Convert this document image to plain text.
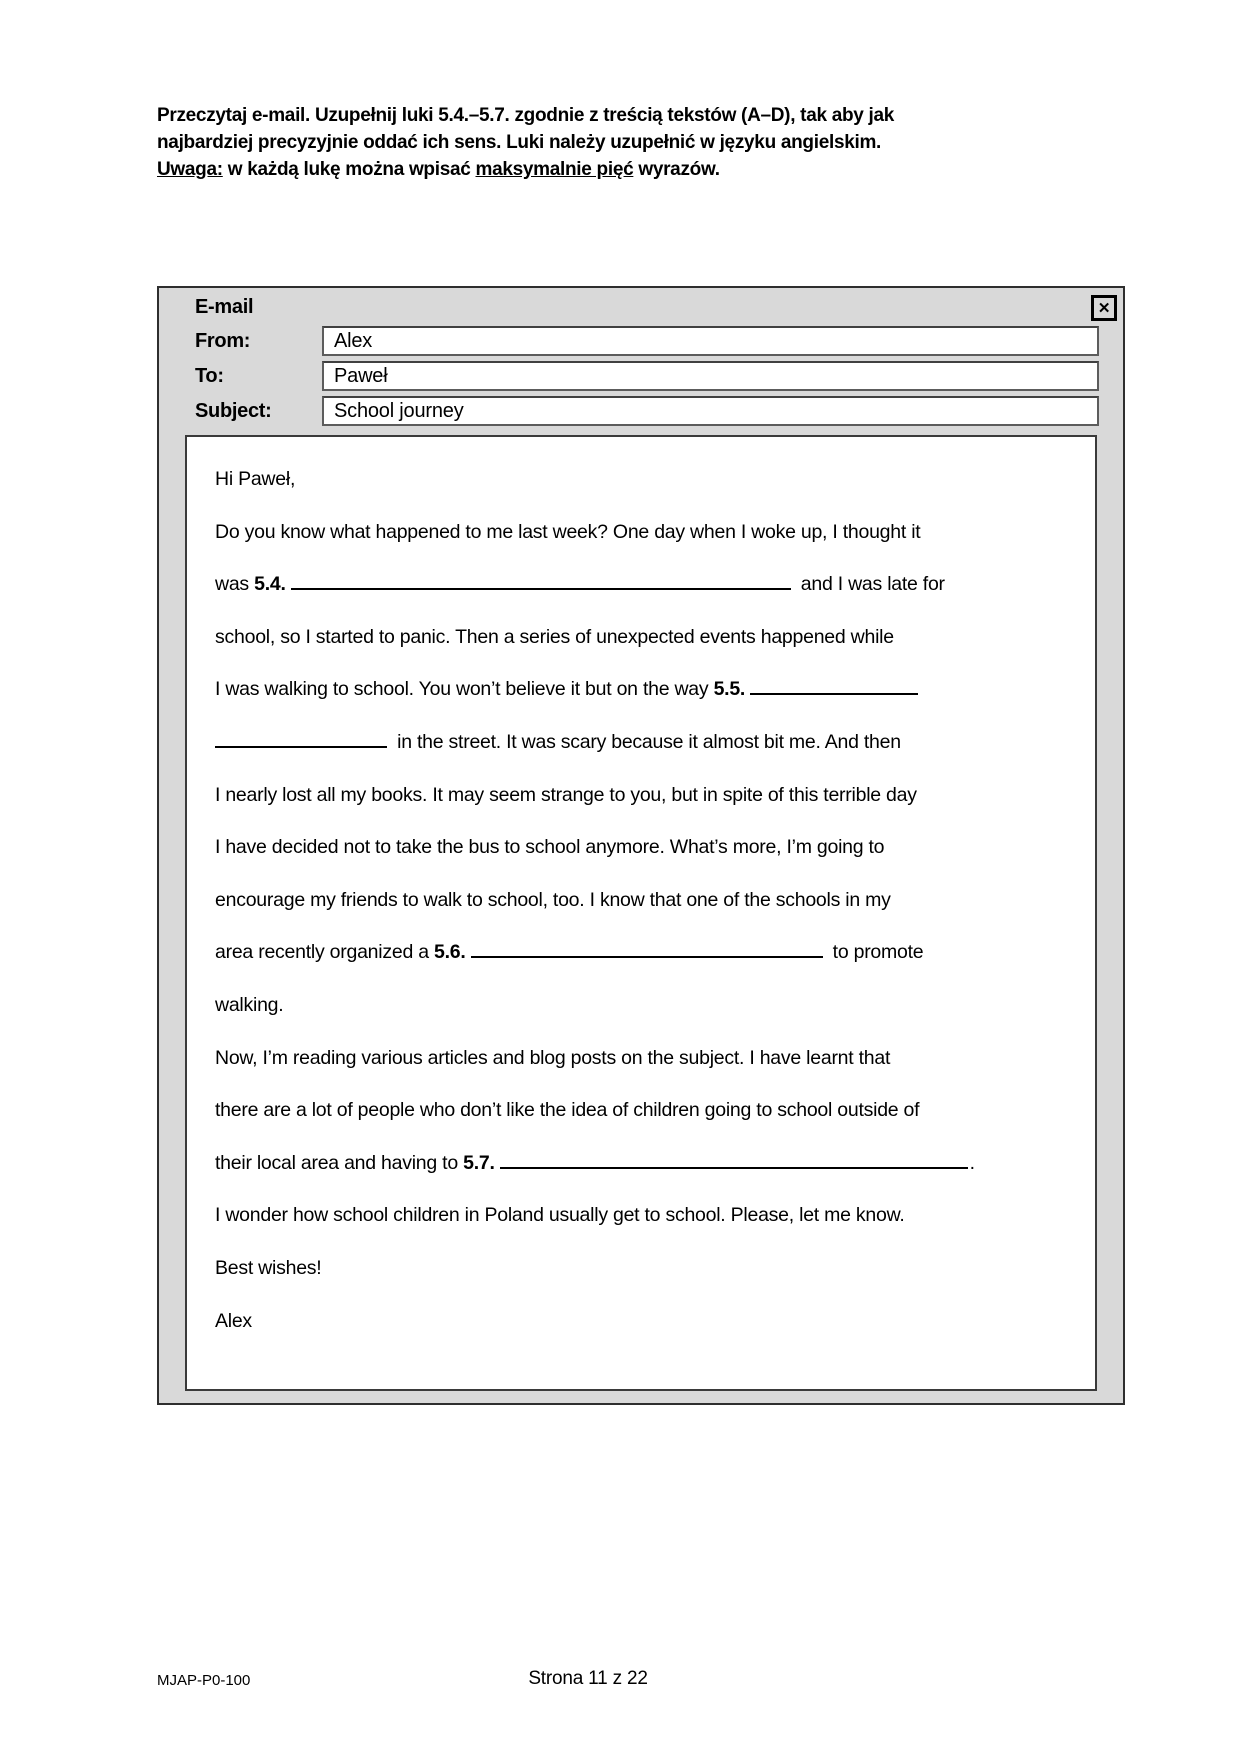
Przeczytaj e-mail. Uzupełnij luki 5.4.–5.7. zgodnie z treścią tekstów (A–D), tak aby jak
najbardziej precyzyjnie oddać ich sens. Luki należy uzupełnić w języku angielskim.
Uwaga: w każdą lukę można wpisać maksymalnie pięć wyrazów.
E-mail	✕
From:	Alex
To:	Paweł
Subject:	School journey
Hi Paweł,
Do you know what happened to me last week? One day when I woke up, I thought it
was 5.4.	and I was late for
school, so I started to panic. Then a series of unexpected events happened while
I was walking to school. You won’t believe it but on the way 5.5.
in the street. It was scary because it almost bit me. And then
I nearly lost all my books. It may seem strange to you, but in spite of this terrible day
I have decided not to take the bus to school anymore. What’s more, I’m going to
encourage my friends to walk to school, too. I know that one of the schools in my
area recently organized a 5.6.	to promote
walking.
Now, I’m reading various articles and blog posts on the subject. I have learnt that
there are a lot of people who don’t like the idea of children going to school outside of
their local area and having to 5.7.	.
I wonder how school children in Poland usually get to school. Please, let me know.
Best wishes!
Alex
MJAP-P0-100	Strona 11 z 22
